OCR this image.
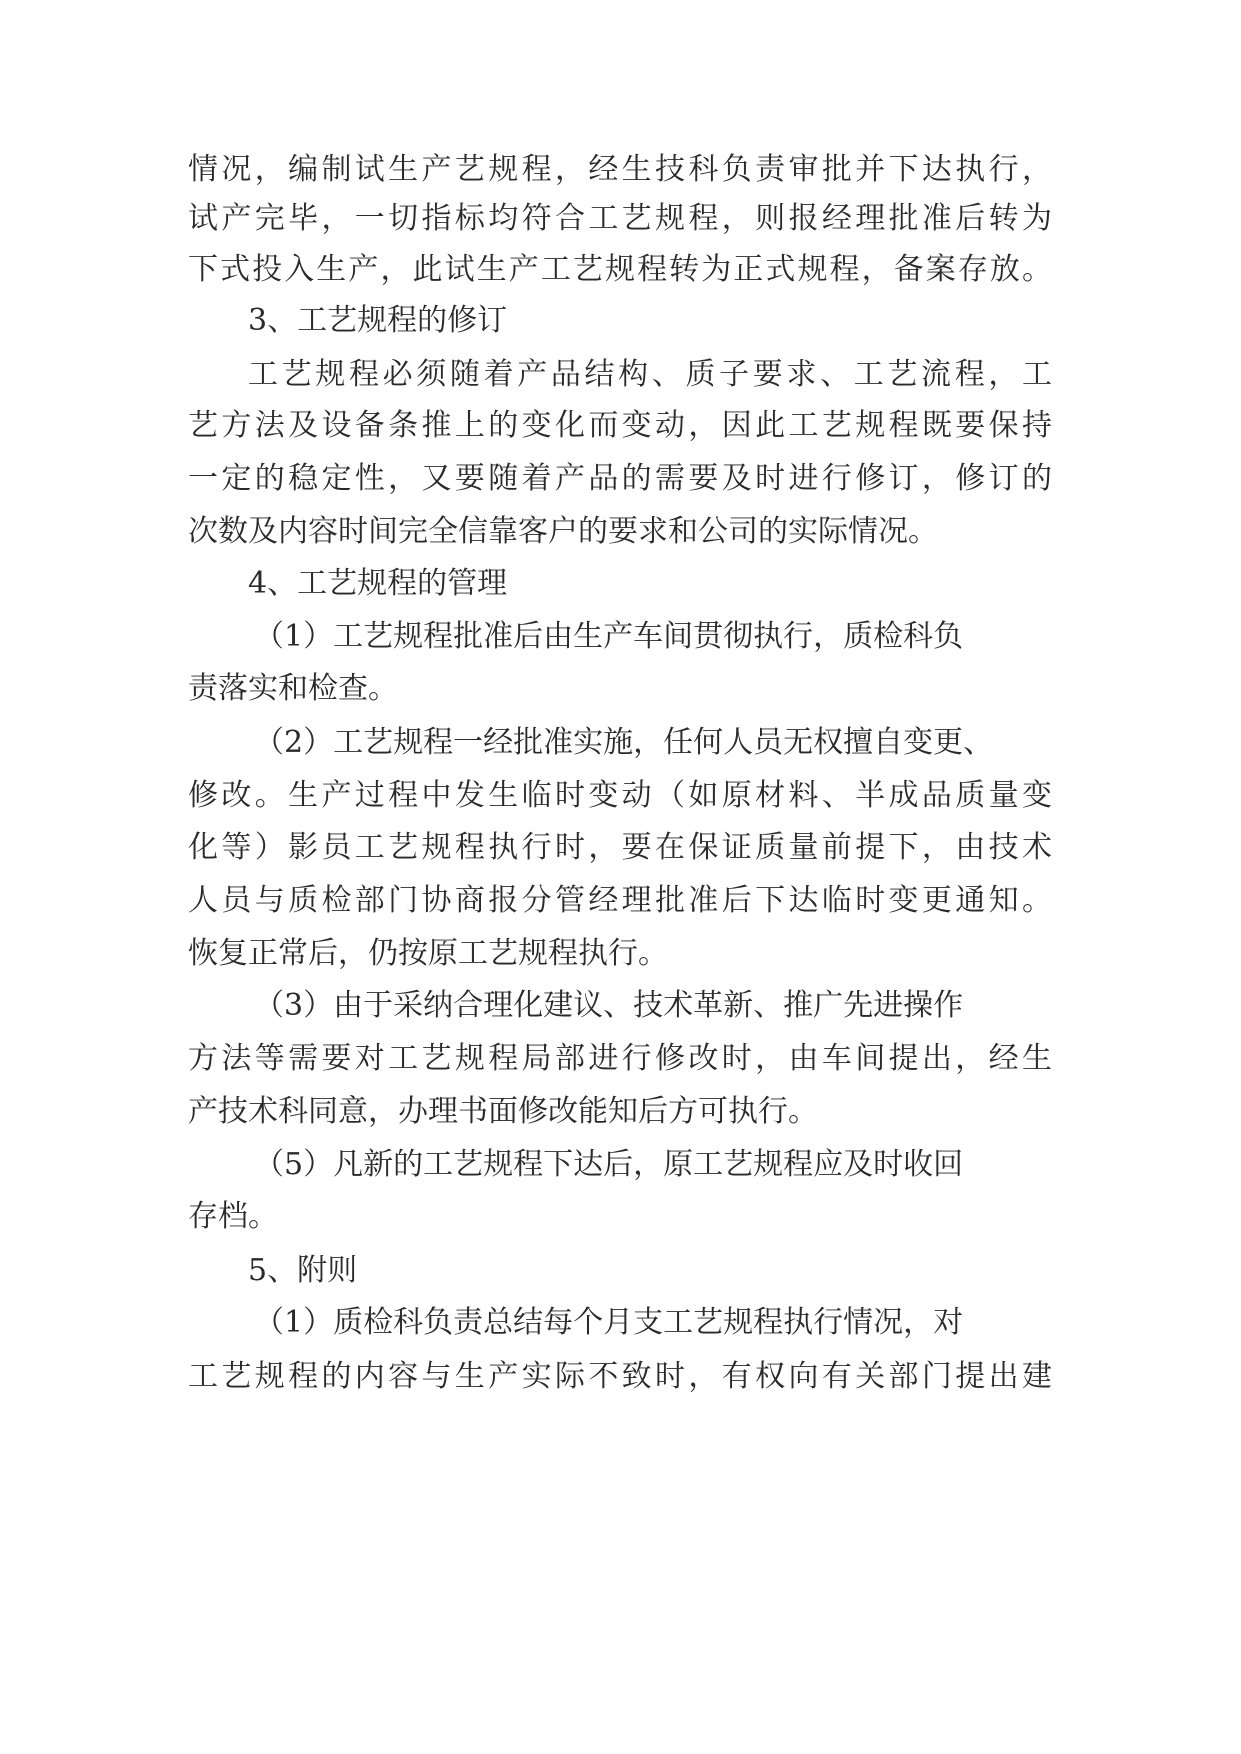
情况，编制试生产艺规程，经生技科负责审批并下达执行，
试产完毕，一切指标均符合工艺规程，则报经理批准后转为
下式投入生产，此试生产工艺规程转为正式规程，备案存放。
3、工艺规程的修订
工艺规程必须随着产品结构、质子要求、工艺流程，工
艺方法及设备条推上的变化而变动，因此工艺规程既要保持
一定的稳定性，又要随着产品的需要及时进行修订，修订的
次数及内容时间完全信靠客户的要求和公司的实际情况。
4、工艺规程的管理
（1）工艺规程批准后由生产车间贯彻执行，质检科负
责落实和检查。
（2）工艺规程一经批准实施，任何人员无权擅自变更、
修改。生产过程中发生临时变动（如原材料、半成品质量变
化等）影员工艺规程执行时，要在保证质量前提下，由技术
人员与质检部门协商报分管经理批准后下达临时变更通知。
恢复正常后，仍按原工艺规程执行。
（3）由于采纳合理化建议、技术革新、推广先进操作
方法等需要对工艺规程局部进行修改时，由车间提出，经生
产技术科同意，办理书面修改能知后方可执行。
（5）凡新的工艺规程下达后，原工艺规程应及时收回
存档。
5、附则
（1）质检科负责总结每个月支工艺规程执行情况，对
工艺规程的内容与生产实际不致时，有权向有关部门提出建
